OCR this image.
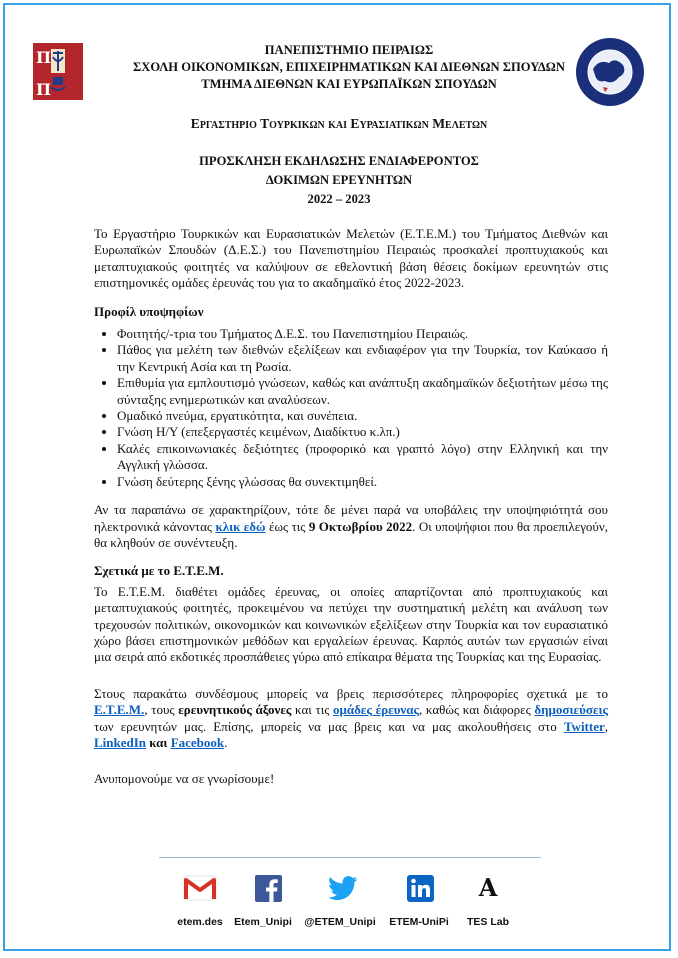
Π
Π
ΠΑΝΕΠΙΣΤΗΜΙΟ ΠΕΙΡΑΙΩΣ
ΣΧΟΛΗ ΟΙΚΟΝΟΜΙΚΩΝ, ΕΠΙΧΕΙΡΗΜΑΤΙΚΩΝ ΚΑΙ ΔΙΕΘΝΩΝ ΣΠΟΥΔΩΝ
ΤΜΗΜΑ ΔΙΕΘΝΩΝ ΚΑΙ ΕΥΡΩΠΑΪΚΩΝ ΣΠΟΥΔΩΝ
Εργαστηριο Τουρκικων και Ευρασιατικων Μελετων
ΠΡΟΣΚΛΗΣΗ ΕΚΔΗΛΩΣΗΣ ΕΝΔΙΑΦΕΡΟΝΤΟΣ
ΔΟΚΙΜΩΝ ΕΡΕΥΝΗΤΩΝ
2022 – 2023

Το Εργαστήριο Τουρκικών και Ευρασιατικών Μελετών (Ε.Τ.Ε.Μ.) του Τμήματος Διεθνών και Ευρωπαϊκών Σπουδών (Δ.Ε.Σ.) του Πανεπιστημίου Πειραιώς προσκαλεί προπτυχιακούς και μεταπτυχιακούς φοιτητές να καλύψουν σε εθελοντική βάση θέσεις δοκίμων ερευνητών στις επιστημονικές ομάδες έρευνάς του για το ακαδημαϊκό έτος 2022-2023.

Προφίλ υποψηφίων

• Φοιτητής/-τρια του Τμήματος Δ.Ε.Σ. του Πανεπιστημίου Πειραιώς.
• Πάθος για μελέτη των διεθνών εξελίξεων και ενδιαφέρον για την Τουρκία, τον Καύκασο ή την Κεντρική Ασία και τη Ρωσία.
• Επιθυμία για εμπλουτισμό γνώσεων, καθώς και ανάπτυξη ακαδημαϊκών δεξιοτήτων μέσω της σύνταξης ενημερωτικών και αναλύσεων.
• Ομαδικό πνεύμα, εργατικότητα, και συνέπεια.
• Γνώση Η/Υ (επεξεργαστές κειμένων, Διαδίκτυο κ.λπ.)
• Καλές επικοινωνιακές δεξιότητες (προφορικό και γραπτό λόγο) στην Ελληνική και την Αγγλική γλώσσα.
• Γνώση δεύτερης ξένης γλώσσας θα συνεκτιμηθεί.

Αν τα παραπάνω σε χαρακτηρίζουν, τότε δε μένει παρά να υποβάλεις την υποψηφιότητά σου ηλεκτρονικά κάνοντας κλικ εδώ έως τις 9 Οκτωβρίου 2022. Οι υποψήφιοι που θα προεπιλεγούν, θα κληθούν σε συνέντευξη.

Σχετικά με το Ε.Τ.Ε.Μ.

Το Ε.Τ.Ε.Μ. διαθέτει ομάδες έρευνας, οι οποίες απαρτίζονται από προπτυχιακούς και μεταπτυχιακούς φοιτητές, προκειμένου να πετύχει την συστηματική μελέτη και ανάλυση των τρεχουσών πολιτικών, οικονομικών και κοινωνικών εξελίξεων στην Τουρκία και τον ευρασιατικό χώρο βάσει επιστημονικών μεθόδων και εργαλείων έρευνας. Καρπός αυτών των εργασιών είναι μια σειρά από εκδοτικές προσπάθειες γύρω από επίκαιρα θέματα της Τουρκίας και της Ευρασίας.

Στους παρακάτω συνδέσμους μπορείς να βρεις περισσότερες πληροφορίες σχετικά με το Ε.Τ.Ε.Μ., τους ερευνητικούς άξονες και τις ομάδες έρευνας, καθώς και διάφορες δημοσιεύσεις των ερευνητών μας. Επίσης, μπορείς να μας βρεις και να μας ακολουθήσεις στο Twitter, LinkedIn και Facebook.

Ανυπομονούμε να σε γνωρίσουμε!

A
etem.des	Etem_Unipi	@ETEM_Unipi	ETEM-UniPi	TES Lab
